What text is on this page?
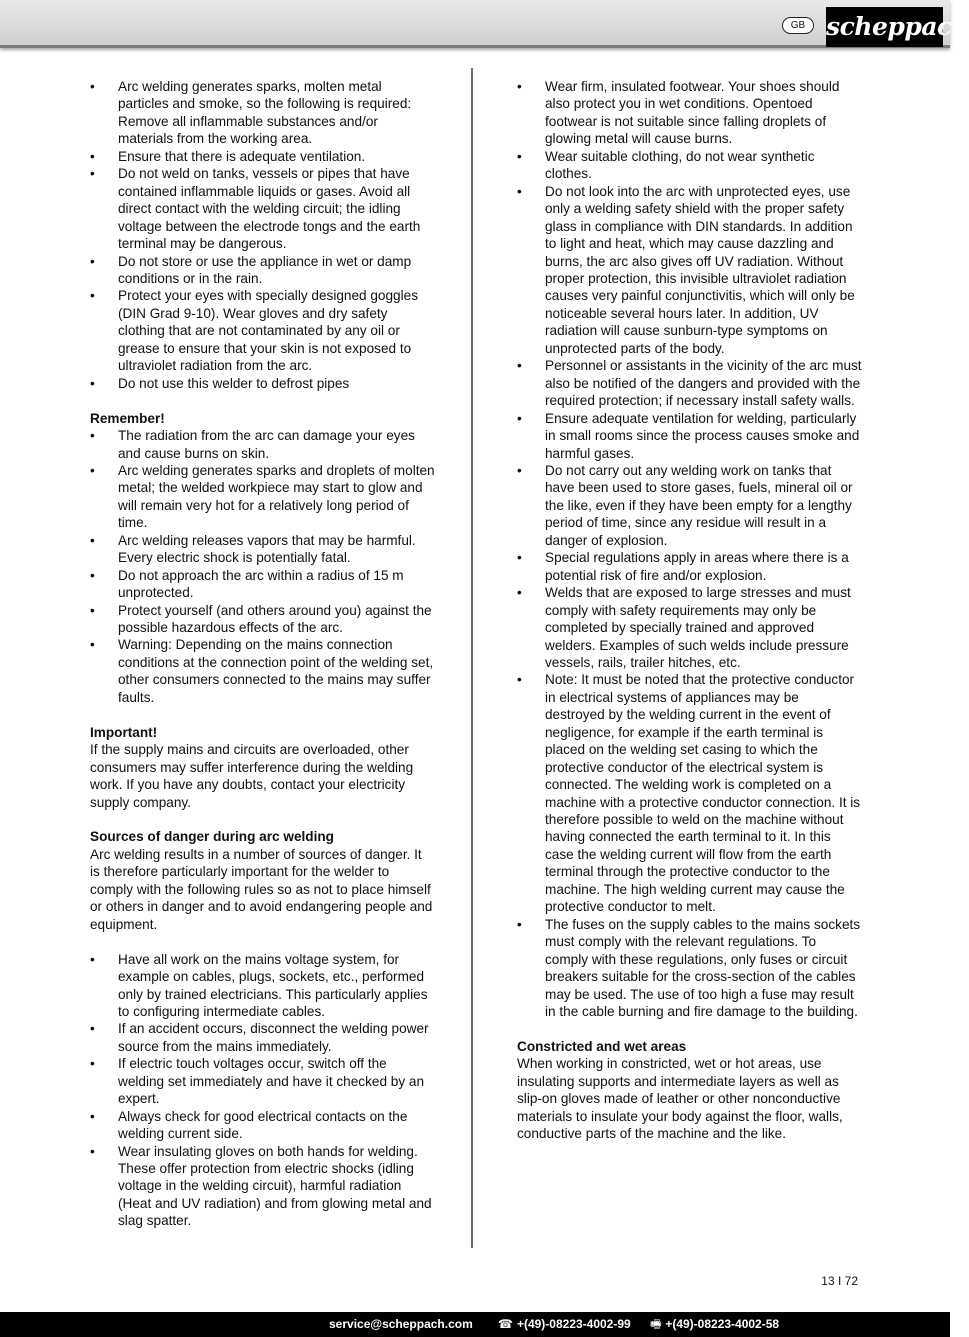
GB scheppach
• Arc welding generates sparks, molten metal particles and smoke, so the following is required: Remove all inflammable substances and/or materials from the working area.
• Ensure that there is adequate ventilation.
• Do not weld on tanks, vessels or pipes that have contained inflammable liquids or gases. Avoid all direct contact with the welding circuit; the idling voltage between the electrode tongs and the earth terminal may be dangerous.
• Do not store or use the appliance in wet or damp conditions or in the rain.
• Protect your eyes with specially designed goggles (DIN Grad 9-10). Wear gloves and dry safety clothing that are not contaminated by any oil or grease to ensure that your skin is not exposed to ultraviolet radiation from the arc.
• Do not use this welder to defrost pipes

Remember!

• The radiation from the arc can damage your eyes and cause burns on skin.
• Arc welding generates sparks and droplets of molten metal; the welded workpiece may start to glow and will remain very hot for a relatively long period of time.
• Arc welding releases vapors that may be harmful. Every electric shock is potentially fatal.
• Do not approach the arc within a radius of 15 m unprotected.
• Protect yourself (and others around you) against the possible hazardous effects of the arc.
• Warning: Depending on the mains connection conditions at the connection point of the welding set, other consumers connected to the mains may suffer faults.

Important!

If the supply mains and circuits are overloaded, other consumers may suffer interference during the welding work. If you have any doubts, contact your electricity supply company.

Sources of danger during arc welding

Arc welding results in a number of sources of danger. It is therefore particularly important for the welder to comply with the following rules so as not to place himself or others in danger and to avoid endangering people and equipment.

• Have all work on the mains voltage system, for example on cables, plugs, sockets, etc., performed only by trained electricians. This particularly applies to configuring intermediate cables.
• If an accident occurs, disconnect the welding power source from the mains immediately.
• If electric touch voltages occur, switch off the welding set immediately and have it checked by an expert.
• Always check for good electrical contacts on the welding current side.
• Wear insulating gloves on both hands for welding. These offer protection from electric shocks (idling voltage in the welding circuit), harmful radiation (Heat and UV radiation) and from glowing metal and slag spatter.
• Wear firm, insulated footwear. Your shoes should also protect you in wet conditions. Opentoed footwear is not suitable since falling droplets of glowing metal will cause burns.
• Wear suitable clothing, do not wear synthetic clothes.
• Do not look into the arc with unprotected eyes, use only a welding safety shield with the proper safety glass in compliance with DIN standards. In addition to light and heat, which may cause dazzling and burns, the arc also gives off UV radiation. Without proper protection, this invisible ultraviolet radiation causes very painful conjunctivitis, which will only be noticeable several hours later. In addition, UV radiation will cause sunburn-type symptoms on unprotected parts of the body.
• Personnel or assistants in the vicinity of the arc must also be notified of the dangers and provided with the required protection; if necessary install safety walls.
• Ensure adequate ventilation for welding, particularly in small rooms since the process causes smoke and harmful gases.
• Do not carry out any welding work on tanks that have been used to store gases, fuels, mineral oil or the like, even if they have been empty for a lengthy period of time, since any residue will result in a danger of explosion.
• Special regulations apply in areas where there is a potential risk of fire and/or explosion.
• Welds that are exposed to large stresses and must comply with safety requirements may only be completed by specially trained and approved welders. Examples of such welds include pressure vessels, rails, trailer hitches, etc.
• Note: It must be noted that the protective conductor in electrical systems of appliances may be destroyed by the welding current in the event of negligence, for example if the earth terminal is placed on the welding set casing to which the protective conductor of the electrical system is connected. The welding work is completed on a machine with a protective conductor connection. It is therefore possible to weld on the machine without having connected the earth terminal to it. In this case the welding current will flow from the earth terminal through the protective conductor to the machine. The high welding current may cause the protective conductor to melt.
• The fuses on the supply cables to the mains sockets must comply with the relevant regulations. To comply with these regulations, only fuses or circuit breakers suitable for the cross-section of the cables may be used. The use of too high a fuse may result in the cable burning and fire damage to the building.

Constricted and wet areas

When working in constricted, wet or hot areas, use insulating supports and intermediate layers as well as slip-on gloves made of leather or other nonconductive materials to insulate your body against the floor, walls, conductive parts of the machine and the like.

13 I 72
service@scheppach.com ☎ +(49)-08223-4002-99 🖷 +(49)-08223-4002-58
